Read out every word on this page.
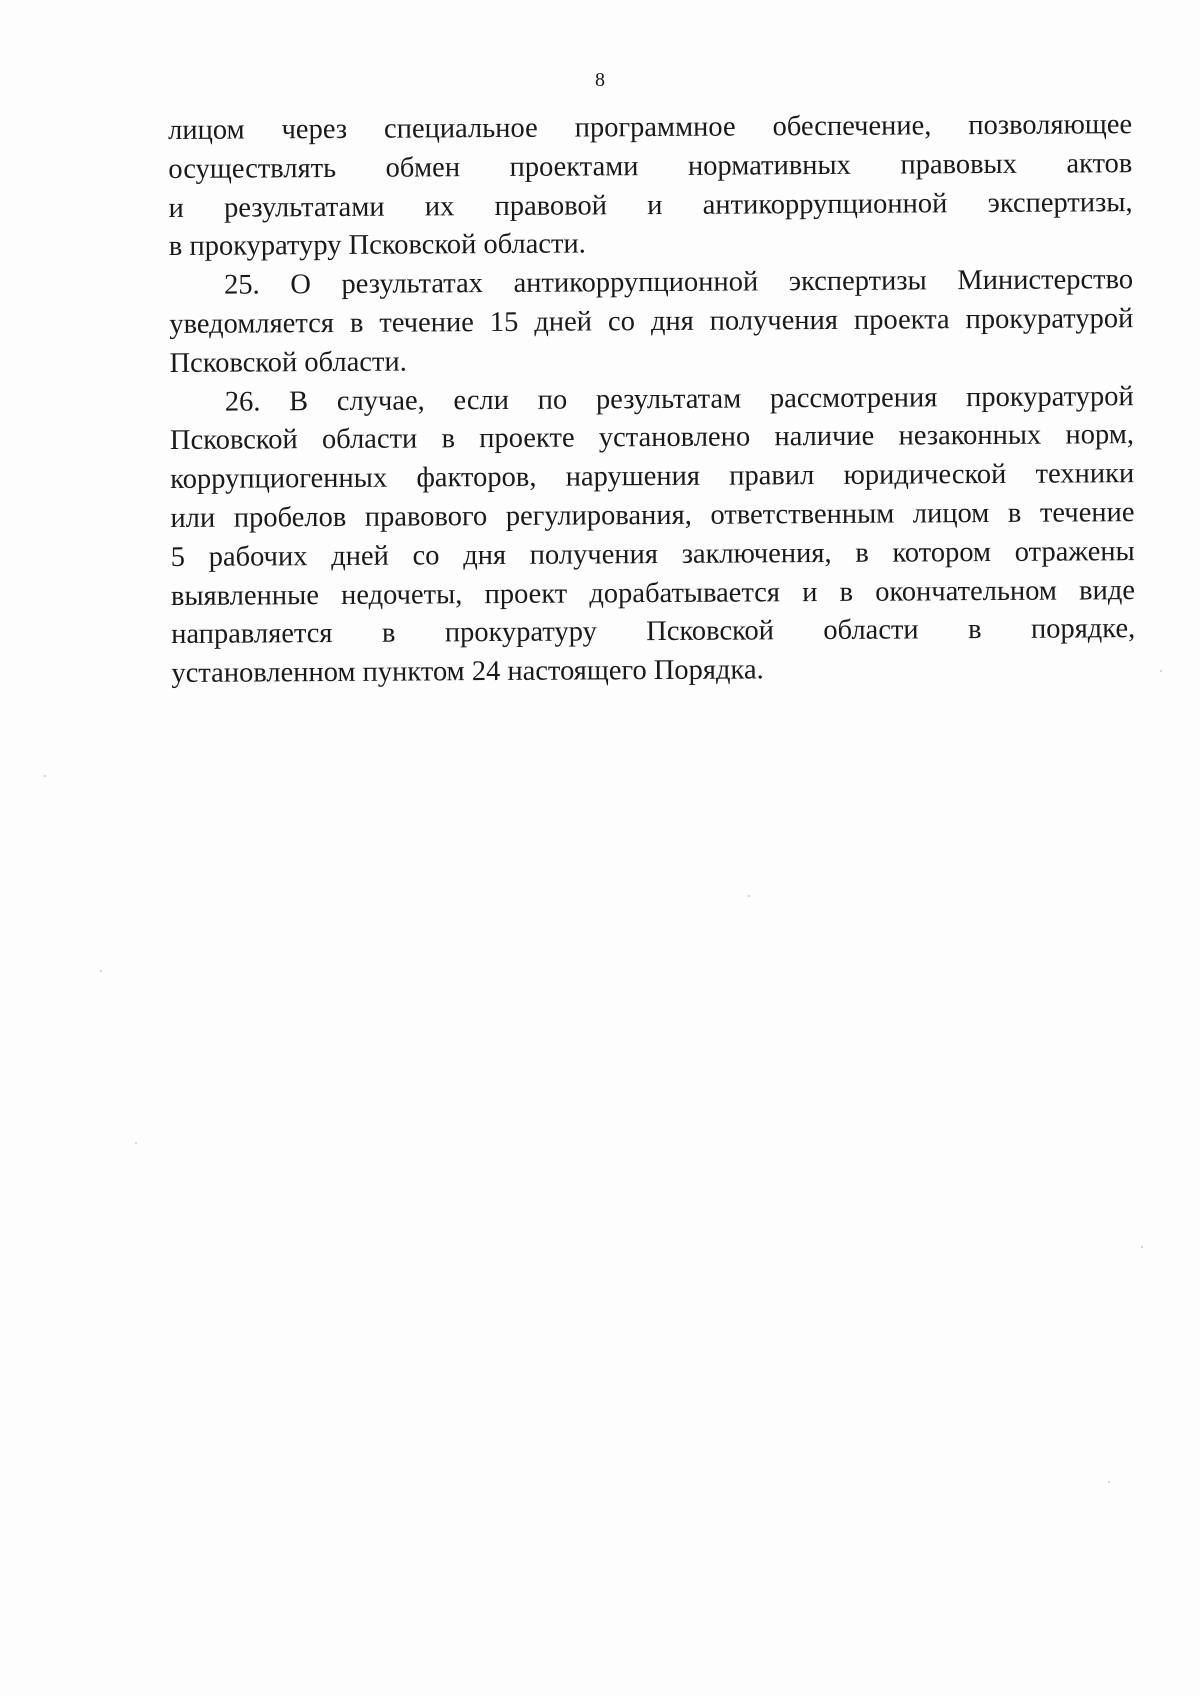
8

лицом через специальное программное обеспечение, позволяющее
осуществлять обмен проектами нормативных правовых актов
и результатами их правовой и антикоррупционной экспертизы,
в прокуратуру Псковской области.

25. О результатах антикоррупционной экспертизы Министерство
уведомляется в течение 15 дней со дня получения проекта прокуратурой
Псковской области.

26. В случае, если по результатам рассмотрения прокуратурой
Псковской области в проекте установлено наличие незаконных норм,
коррупциогенных факторов, нарушения правил юридической техники
или пробелов правового регулирования, ответственным лицом в течение
5 рабочих дней со дня получения заключения, в котором отражены
выявленные недочеты, проект дорабатывается и в окончательном виде
направляется в прокуратуру Псковской области в порядке,
установленном пунктом 24 настоящего Порядка.
